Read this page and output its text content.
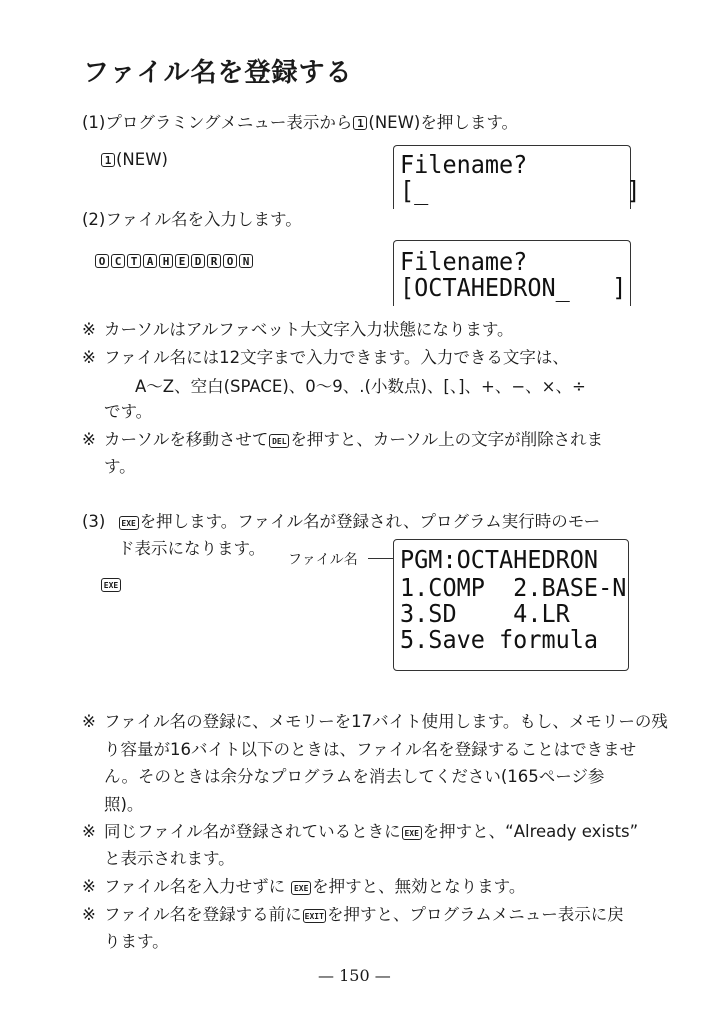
ファイル名を登録する
(1)プログラミングメニュー表示から 1 (NEW)を押します。
1 (NEW)	Filename?
[_              ]
(2)ファイル名を入力します。
O C T A H E D R O N	Filename?
[OCTAHEDRON_   ]
※ カーソルはアルファベット大文字入力状態になります。
※ ファイル名には12文字まで入力できます。入力できる文字は、
A〜Z、空白(SPACE)、0〜9、.(小数点)、[、]、+、−、×、÷
です。
※ カーソルを移動させて DEL を押すと、カーソル上の文字が削除されま
す。
(3) EXE を押します。ファイル名が登録され、プログラム実行時のモー
ド表示になります。
ファイル名
EXE
PGM:OCTAHEDRON
1.COMP  2.BASE-N
3.SD    4.LR
5.Save formula
※ ファイル名の登録に、メモリーを17バイト使用します。もし、メモリーの残
り容量が16バイト以下のときは、ファイル名を登録することはできませ
ん。そのときは余分なプログラムを消去してください(165ページ参
照)。
※ 同じファイル名が登録されているときに EXE を押すと、“Already exists”
と表示されます。
※ ファイル名を入力せずに EXE を押すと、無効となります。
※ ファイル名を登録する前に EXIT を押すと、プログラムメニュー表示に戻
ります。
— 150 —
